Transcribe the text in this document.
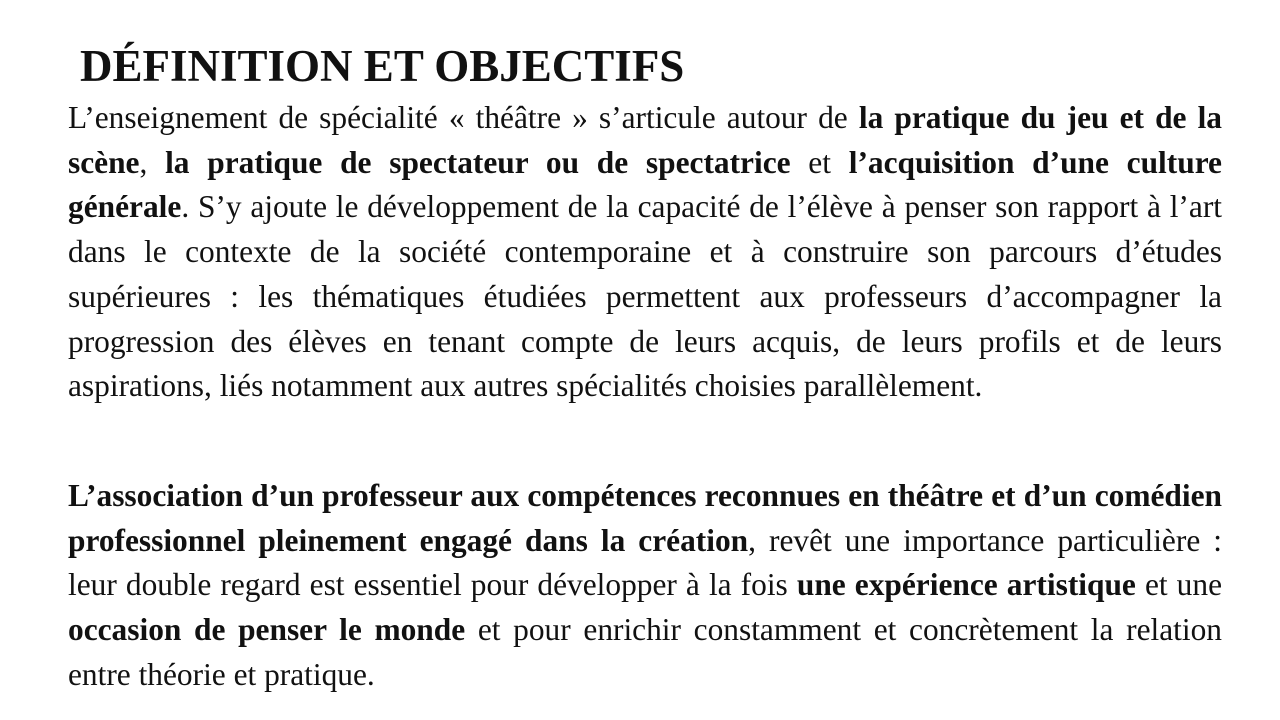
DÉFINITION ET OBJECTIFS

L’enseignement de spécialité « théâtre » s’articule autour de la pratique du jeu et de la scène, la pratique de spectateur ou de spectatrice et l’acquisition d’une culture générale. S’y ajoute le développement de la capacité de l’élève à penser son rapport à l’art dans le contexte de la société contemporaine et à construire son parcours d’études supérieures : les thématiques étudiées permettent aux professeurs d’accompagner la progression des élèves en tenant compte de leurs acquis, de leurs profils et de leurs aspirations, liés notamment aux autres spécialités choisies parallèlement.

L’association d’un professeur aux compétences reconnues en théâtre et d’un comédien professionnel pleinement engagé dans la création, revêt une importance particulière : leur double regard est essentiel pour développer à la fois une expérience artistique et une occasion de penser le monde et pour enrichir constamment et concrètement la relation entre théorie et pratique.
